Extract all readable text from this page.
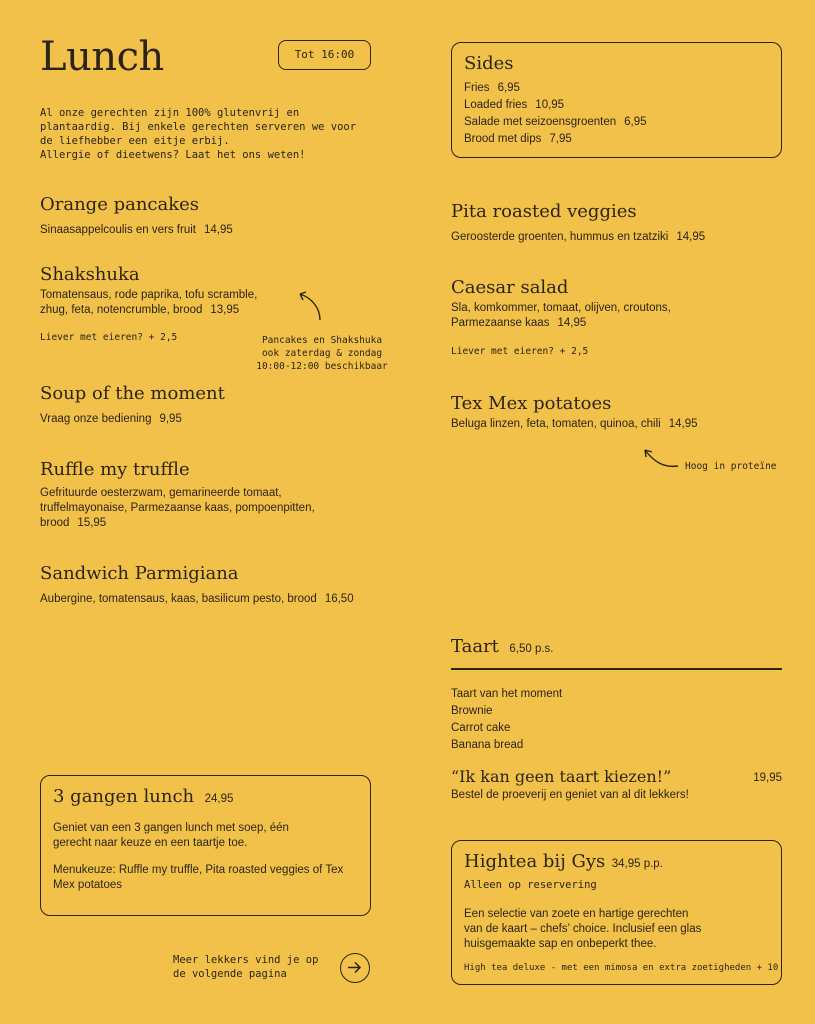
Lunch	Tot 16:00
Al onze gerechten zijn 100% glutenvrij en
plantaardig. Bij enkele gerechten serveren we voor
de liefhebber een eitje erbij.
Allergie of dieetwens? Laat het ons weten!
Sides
Fries 6,95
Loaded fries 10,95
Salade met seizoensgroenten 6,95
Brood met dips 7,95
Orange pancakes
Sinaasappelcoulis en vers fruit 14,95
Shakshuka
Tomatensaus, rode paprika, tofu scramble,
zhug, feta, notencrumble, brood 13,95
Liever met eieren? + 2,5	Pancakes en Shakshuka
ook zaterdag & zondag
10:00-12:00 beschikbaar
Soup of the moment
Vraag onze bediening 9,95
Ruffle my truffle
Gefrituurde oesterzwam, gemarineerde tomaat,
truffelmayonaise, Parmezaanse kaas, pompoenpitten,
brood 15,95
Sandwich Parmigiana
Aubergine, tomatensaus, kaas, basilicum pesto, brood 16,50
Pita roasted veggies
Geroosterde groenten, hummus en tzatziki 14,95
Caesar salad
Sla, komkommer, tomaat, olijven, croutons,
Parmezaanse kaas 14,95
Liever met eieren? + 2,5
Tex Mex potatoes
Beluga linzen, feta, tomaten, quinoa, chili 14,95
Hoog in proteïne
Taart 6,50 p.s.
Taart van het moment
Brownie
Carrot cake
Banana bread
“Ik kan geen taart kiezen!”	19,95
Bestel de proeverij en geniet van al dit lekkers!
3 gangen lunch 24,95
Geniet van een 3 gangen lunch met soep, één
gerecht naar keuze en een taartje toe.
Menukeuze: Ruffle my truffle, Pita roasted veggies of Tex
Mex potatoes
Meer lekkers vind je op
de volgende pagina
Hightea bij Gys 34,95 p.p.
Alleen op reservering
Een selectie van zoete en hartige gerechten
van de kaart – chefs’ choice. Inclusief een glas
huisgemaakte sap en onbeperkt thee.
High tea deluxe - met een mimosa en extra zoetigheden + 10
